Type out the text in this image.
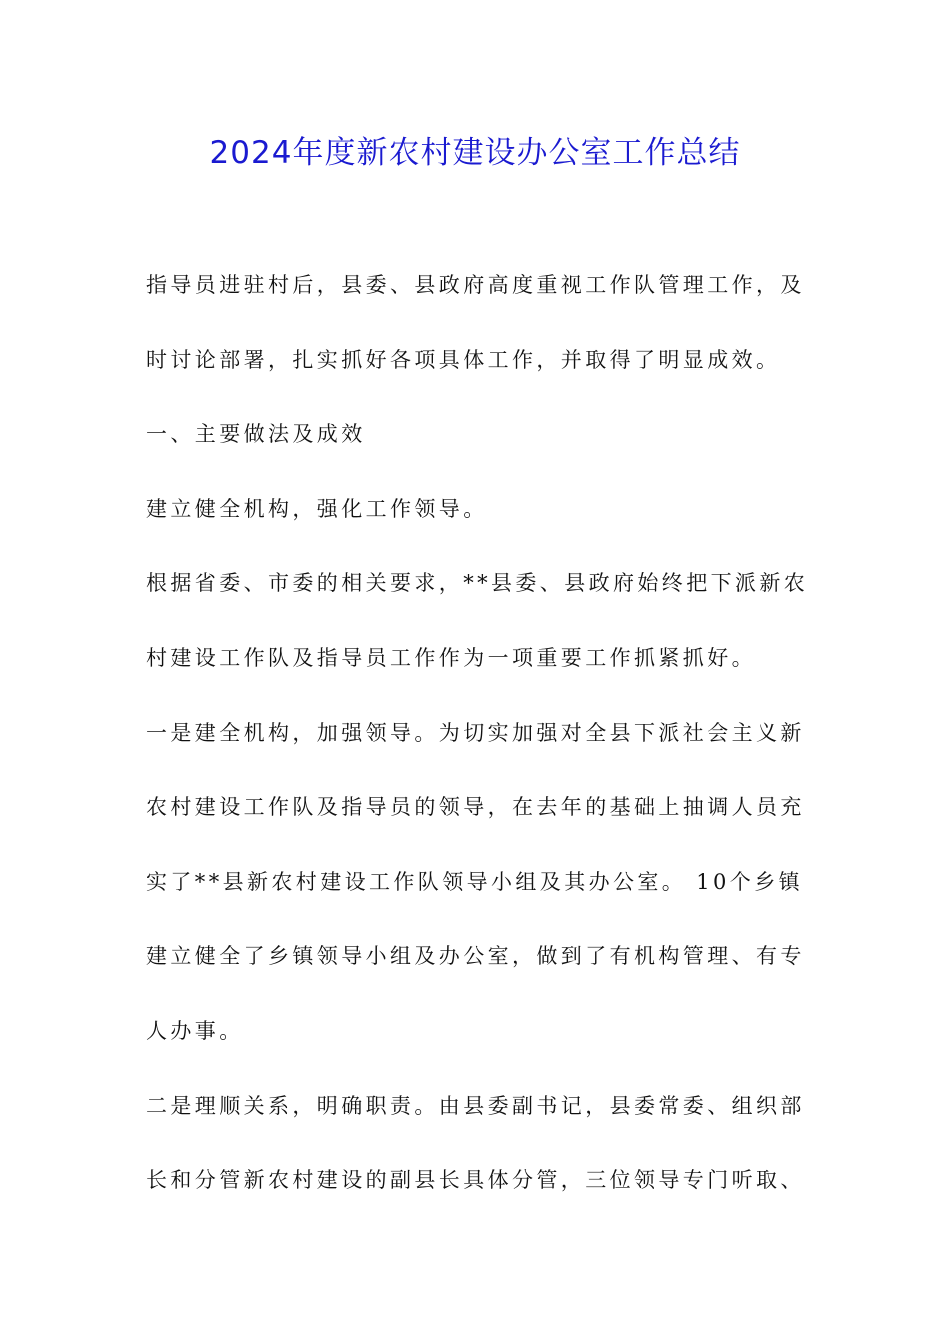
2024年度新农村建设办公室工作总结
指导员进驻村后，县委、县政府高度重视工作队管理工作，及
时讨论部署，扎实抓好各项具体工作，并取得了明显成效。
一、主要做法及成效
建立健全机构，强化工作领导。
根据省委、市委的相关要求，**县委、县政府始终把下派新农
村建设工作队及指导员工作作为一项重要工作抓紧抓好。
一是建全机构，加强领导。为切实加强对全县下派社会主义新
农村建设工作队及指导员的领导，在去年的基础上抽调人员充
实了**县新农村建设工作队领导小组及其办公室。 10个乡镇
建立健全了乡镇领导小组及办公室，做到了有机构管理、有专
人办事。
二是理顺关系，明确职责。由县委副书记，县委常委、组织部
长和分管新农村建设的副县长具体分管，三位领导专门听取、
